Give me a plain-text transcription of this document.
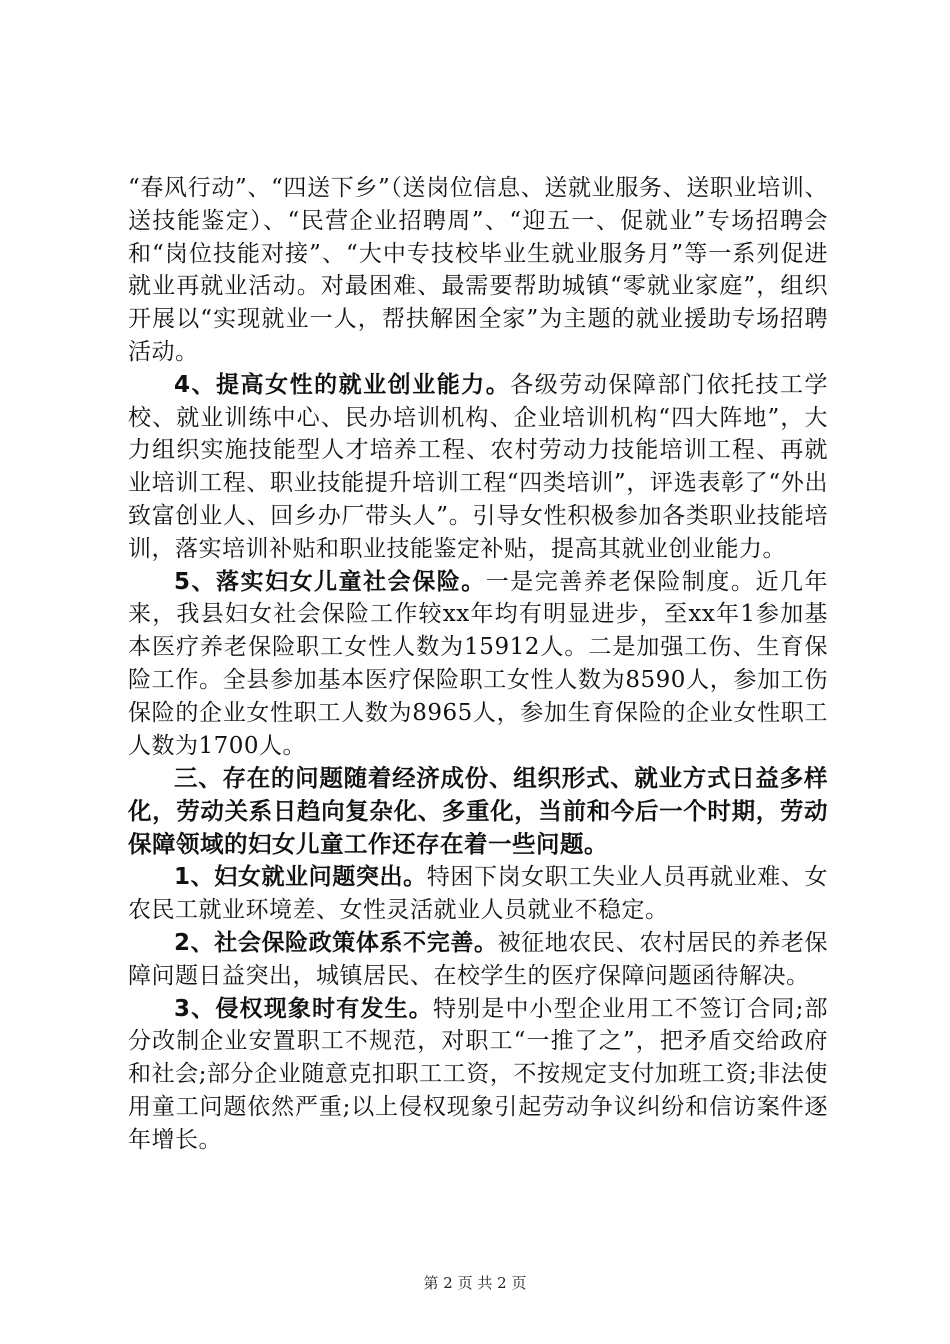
“春风行动”、“四送下乡”（送岗位信息、送就业服务、送职业培训、送技能鉴定）、“民营企业招聘周”、“迎五一、促就业”专场招聘会和“岗位技能对接”、“大中专技校毕业生就业服务月”等一系列促进就业再就业活动。对最困难、最需要帮助城镇“零就业家庭”，组织开展以“实现就业一人，帮扶解困全家”为主题的就业援助专场招聘活动。

4、提高女性的就业创业能力。各级劳动保障部门依托技工学校、就业训练中心、民办培训机构、企业培训机构“四大阵地”，大力组织实施技能型人才培养工程、农村劳动力技能培训工程、再就业培训工程、职业技能提升培训工程“四类培训”，评选表彰了“外出致富创业人、回乡办厂带头人”。引导女性积极参加各类职业技能培训，落实培训补贴和职业技能鉴定补贴，提高其就业创业能力。

5、落实妇女儿童社会保险。一是完善养老保险制度。近几年来，我县妇女社会保险工作较xx年均有明显进步，至xx年1参加基本医疗养老保险职工女性人数为15912人。二是加强工伤、生育保险工作。全县参加基本医疗保险职工女性人数为8590人，参加工伤保险的企业女性职工人数为8965人，参加生育保险的企业女性职工人数为1700人。

三、存在的问题随着经济成份、组织形式、就业方式日益多样化，劳动关系日趋向复杂化、多重化，当前和今后一个时期，劳动保障领域的妇女儿童工作还存在着一些问题。

1、妇女就业问题突出。特困下岗女职工失业人员再就业难、女农民工就业环境差、女性灵活就业人员就业不稳定。

2、社会保险政策体系不完善。被征地农民、农村居民的养老保障问题日益突出，城镇居民、在校学生的医疗保障问题函待解决。

3、侵权现象时有发生。特别是中小型企业用工不签订合同;部分改制企业安置职工不规范，对职工“一推了之”，把矛盾交给政府和社会;部分企业随意克扣职工工资，不按规定支付加班工资;非法使用童工问题依然严重;以上侵权现象引起劳动争议纠纷和信访案件逐年增长。

第 2 页 共 2 页
